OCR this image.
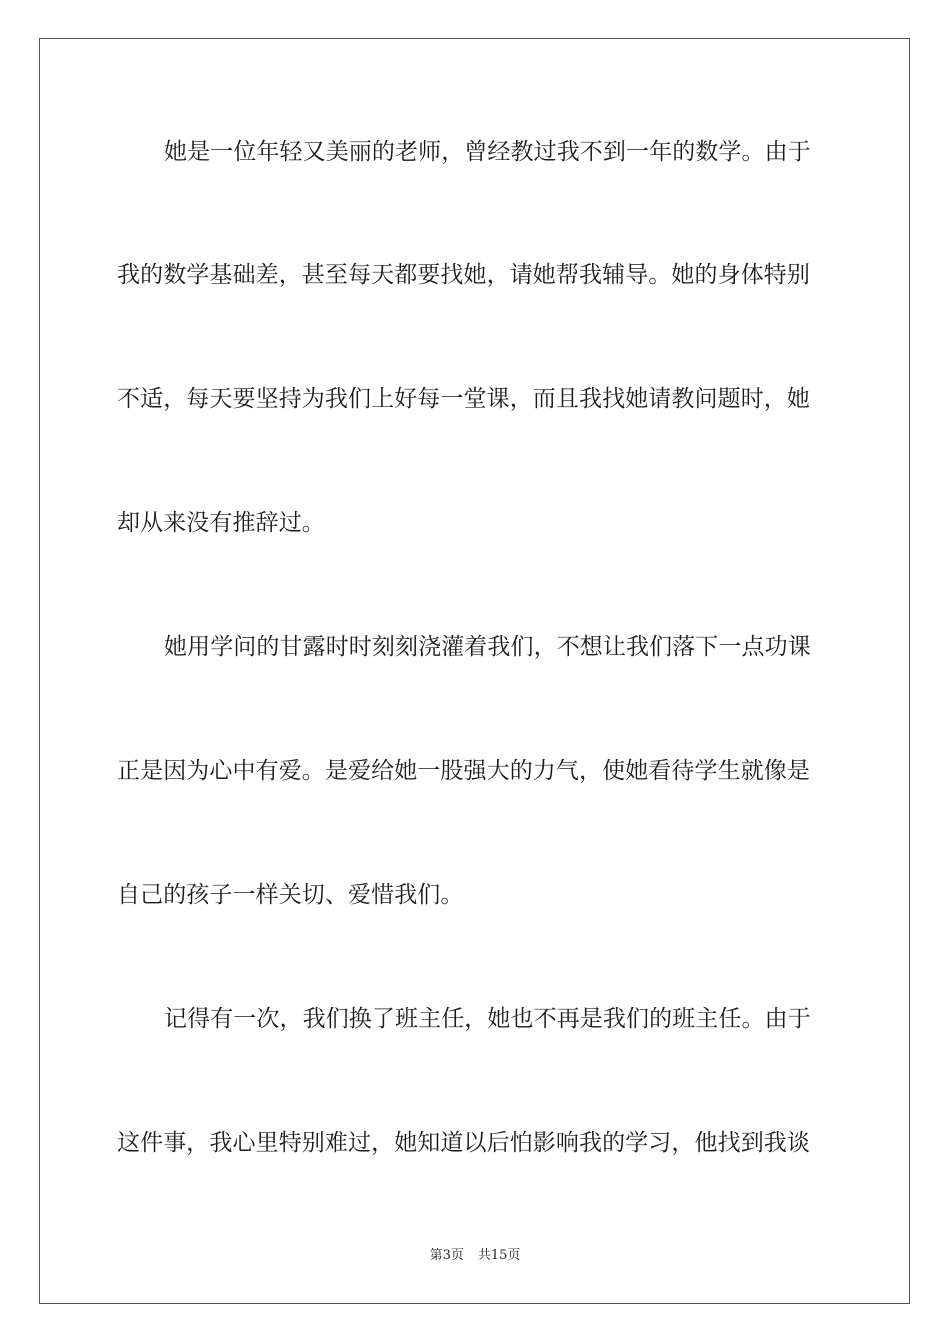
她是一位年轻又美丽的老师，曾经教过我不到一年的数学。由于
我的数学基础差，甚至每天都要找她，请她帮我辅导。她的身体特别
不适，每天要坚持为我们上好每一堂课，而且我找她请教问题时，她
却从来没有推辞过。
她用学问的甘露时时刻刻浇灌着我们，不想让我们落下一点功课
正是因为心中有爱。是爱给她一股强大的力气，使她看待学生就像是
自己的孩子一样关切、爱惜我们。
记得有一次，我们换了班主任，她也不再是我们的班主任。由于
这件事，我心里特别难过，她知道以后怕影响我的学习，他找到我谈
第3页 共15页
